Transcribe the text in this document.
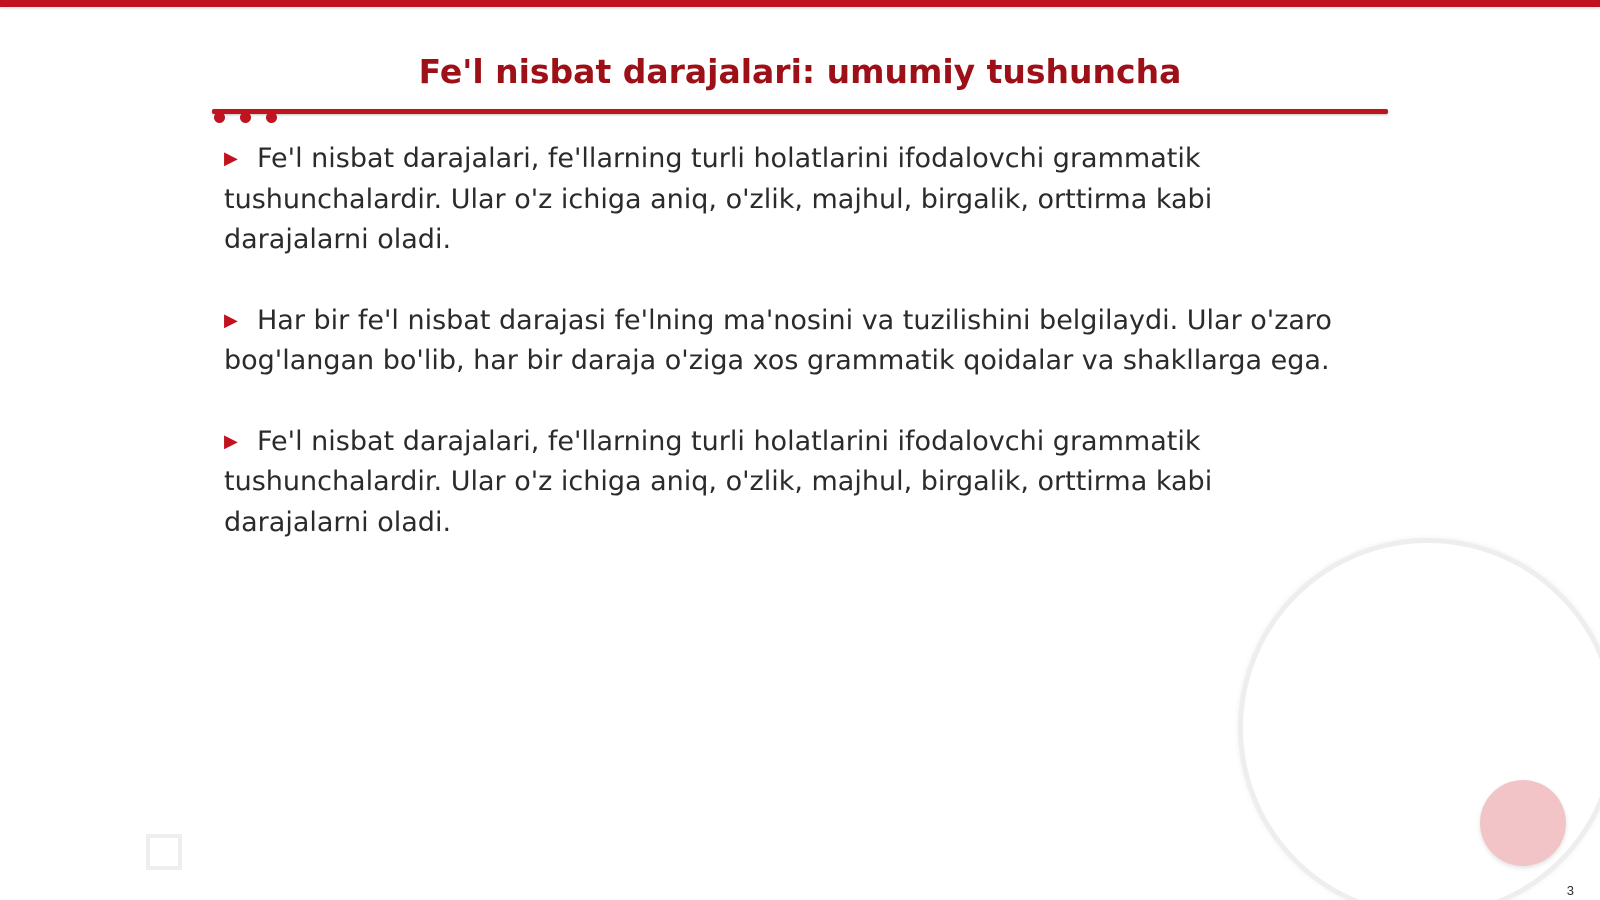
Fe'l nisbat darajalari: umumiy tushuncha

▶ Fe'l nisbat darajalari, fe'llarning turli holatlarini ifodalovchi grammatik tushunchalardir. Ular o'z ichiga aniq, o'zlik, majhul, birgalik, orttirma kabi darajalarni oladi.

▶ Har bir fe'l nisbat darajasi fe'lning ma'nosini va tuzilishini belgilaydi. Ular o'zaro bog'langan bo'lib, har bir daraja o'ziga xos grammatik qoidalar va shakllarga ega.

▶ Fe'l nisbat darajalari, fe'llarning turli holatlarini ifodalovchi grammatik tushunchalardir. Ular o'z ichiga aniq, o'zlik, majhul, birgalik, orttirma kabi darajalarni oladi.

3
